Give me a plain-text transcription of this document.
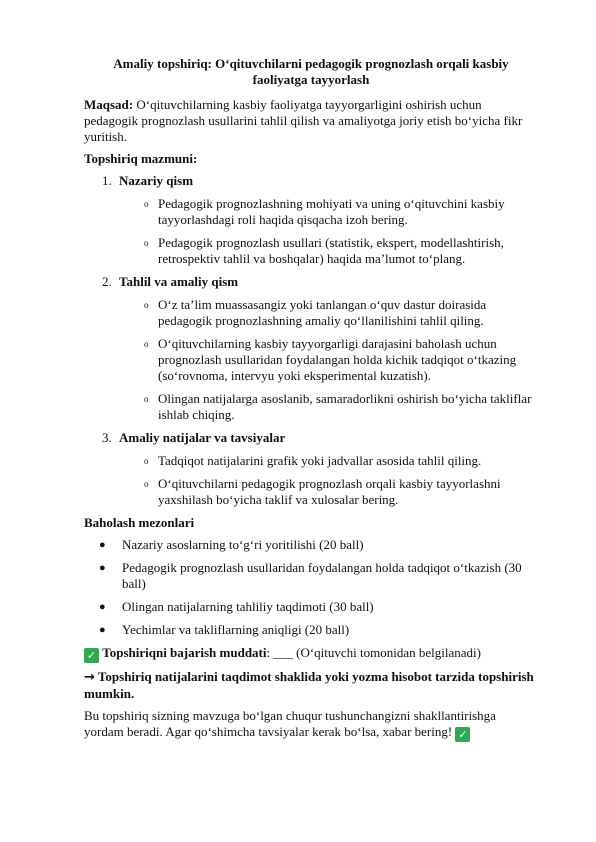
Amaliy topshiriq: O‘qituvchilarni pedagogik prognozlash orqali kasbiy faoliyatga tayyorlash

Maqsad: O‘qituvchilarning kasbiy faoliyatga tayyorgarligini oshirish uchun pedagogik prognozlash usullarini tahlil qilish va amaliyotga joriy etish bo‘yicha fikr yuritish.

Topshiriq mazmuni:
1. Nazariy qism
o Pedagogik prognozlashning mohiyati va uning o‘qituvchini kasbiy tayyorlashdagi roli haqida qisqacha izoh bering.
o Pedagogik prognozlash usullari (statistik, ekspert, modellashtirish, retrospektiv tahlil va boshqalar) haqida ma’lumot to‘plang.
2. Tahlil va amaliy qism
o O‘z ta’lim muassasangiz yoki tanlangan o‘quv dastur doirasida pedagogik prognozlashning amaliy qo‘llanilishini tahlil qiling.
o O‘qituvchilarning kasbiy tayyorgarligi darajasini baholash uchun prognozlash usullaridan foydalangan holda kichik tadqiqot o‘tkazing (so‘rovnoma, intervyu yoki eksperimental kuzatish).
o Olingan natijalarga asoslanib, samaradorlikni oshirish bo‘yicha takliflar ishlab chiqing.
3. Amaliy natijalar va tavsiyalar
o Tadqiqot natijalarini grafik yoki jadvallar asosida tahlil qiling.
o O‘qituvchilarni pedagogik prognozlash orqali kasbiy tayyorlashni yaxshilash bo‘yicha taklif va xulosalar bering.
Baholash mezonlari
●	Nazariy asoslarning to‘g‘ri yoritilishi (20 ball)
●	Pedagogik prognozlash usullaridan foydalangan holda tadqiqot o‘tkazish (30 ball)
●	Olingan natijalarning tahliliy taqdimoti (30 ball)
●	Yechimlar va takliflarning aniqligi (20 ball)

✓ Topshiriqni bajarish muddati: ___ (O‘qituvchi tomonidan belgilanadi)

→ Topshiriq natijalarini taqdimot shaklida yoki yozma hisobot tarzida topshirish mumkin.

Bu topshiriq sizning mavzuga bo‘lgan chuqur tushunchangizni shakllantirishga yordam beradi. Agar qo‘shimcha tavsiyalar kerak bo‘lsa, xabar bering! ✓
